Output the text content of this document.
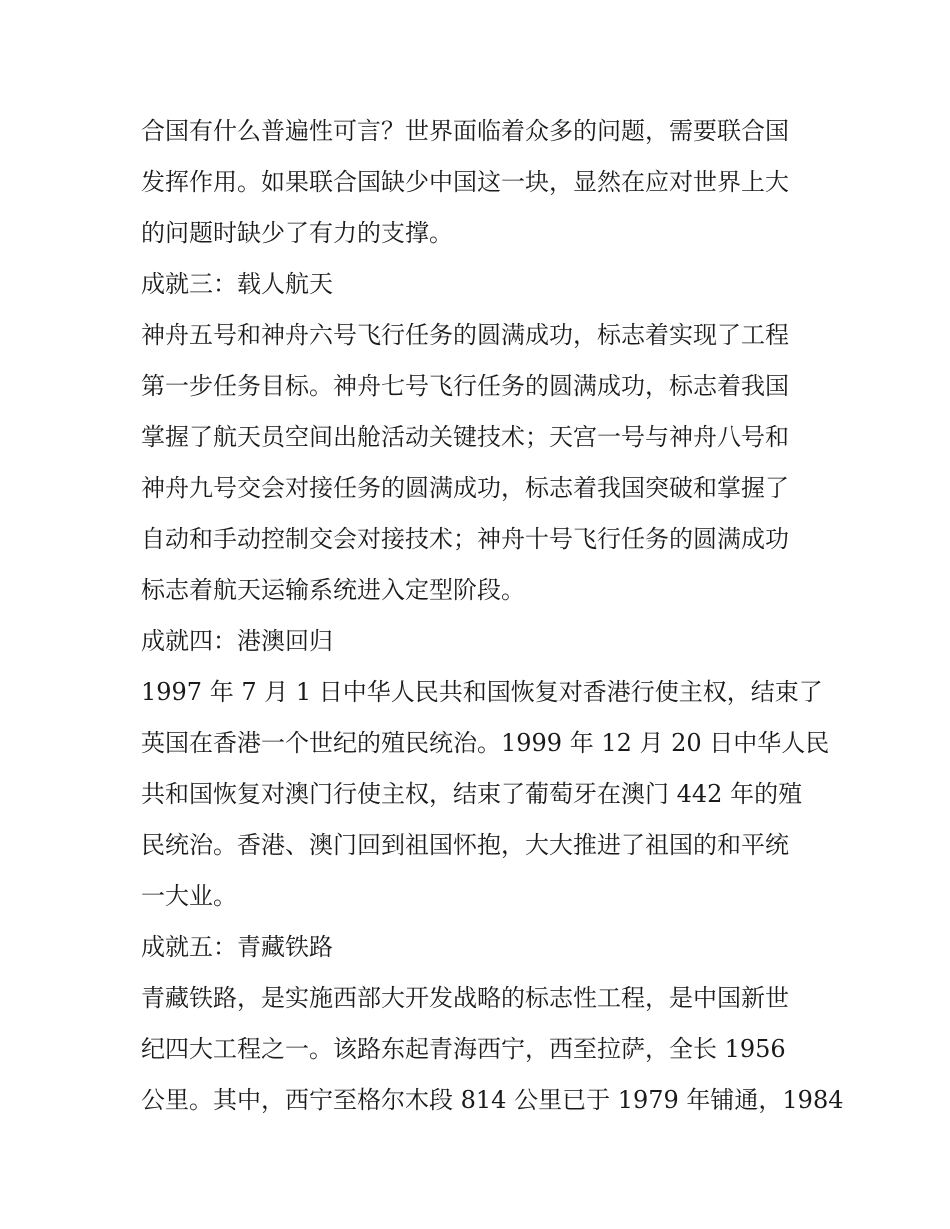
合国有什么普遍性可言？世界面临着众多的问题，需要联合国
发挥作用。如果联合国缺少中国这一块，显然在应对世界上大
的问题时缺少了有力的支撑。
成就三：载人航天
神舟五号和神舟六号飞行任务的圆满成功，标志着实现了工程
第一步任务目标。神舟七号飞行任务的圆满成功，标志着我国
掌握了航天员空间出舱活动关键技术；天宫一号与神舟八号和
神舟九号交会对接任务的圆满成功，标志着我国突破和掌握了
自动和手动控制交会对接技术；神舟十号飞行任务的圆满成功
标志着航天运输系统进入定型阶段。
成就四：港澳回归
1997 年 7 月 1 日中华人民共和国恢复对香港行使主权，结束了
英国在香港一个世纪的殖民统治。1999 年 12 月 20 日中华人民
共和国恢复对澳门行使主权，结束了葡萄牙在澳门 442 年的殖
民统治。香港、澳门回到祖国怀抱，大大推进了祖国的和平统
一大业。
成就五：青藏铁路
青藏铁路，是实施西部大开发战略的标志性工程，是中国新世
纪四大工程之一。该路东起青海西宁，西至拉萨，全长 1956
公里。其中，西宁至格尔木段 814 公里已于 1979 年铺通，1984
